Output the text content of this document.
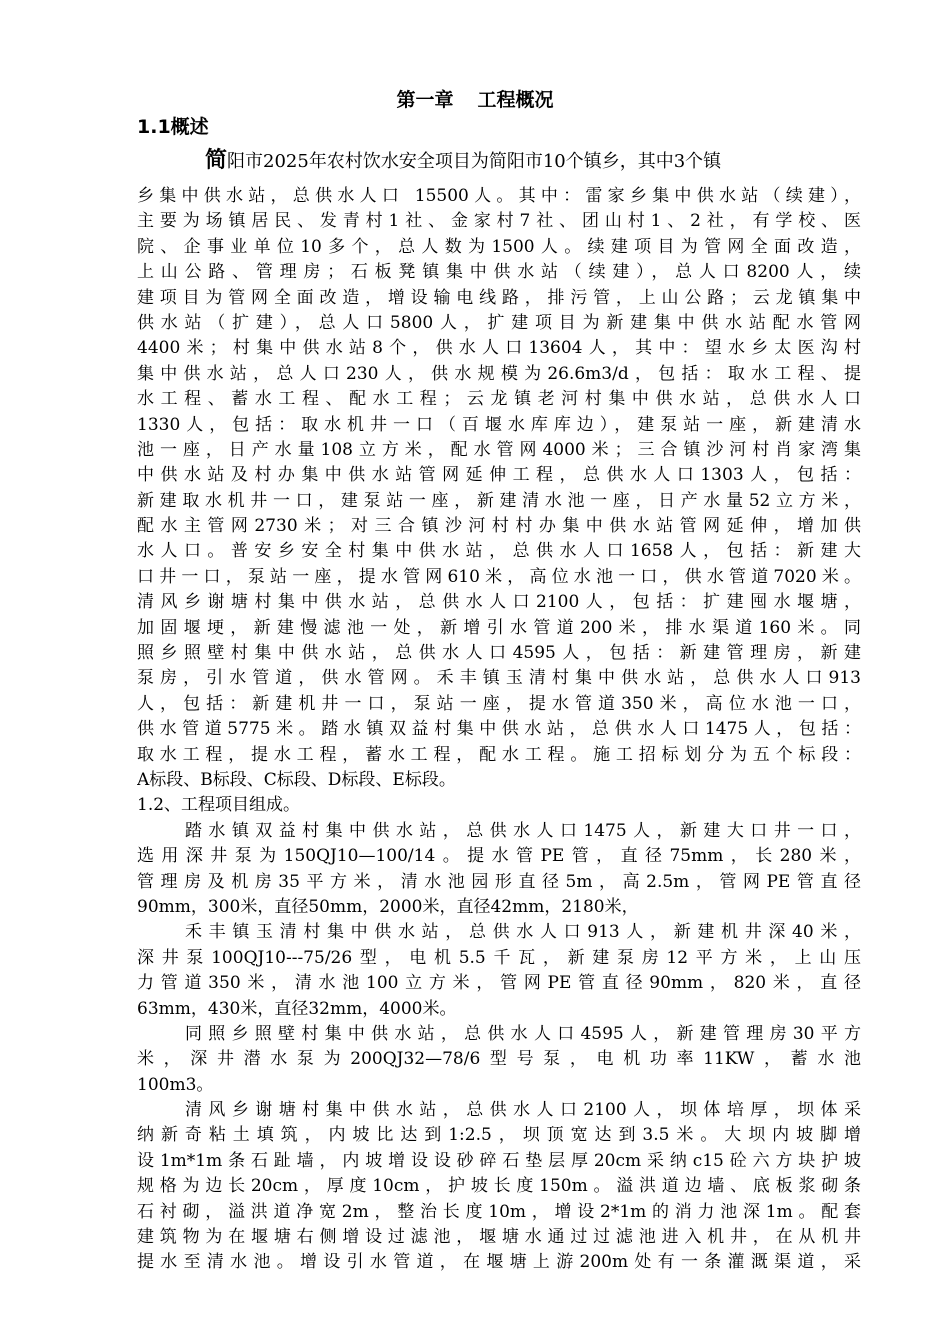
第一章 工程概况
1.1概述
简阳市2025年农村饮水安全项目为简阳市10个镇乡，其中3个镇
乡集中供水站，总供水人口 15500人。其中：雷家乡集中供水站（续建），
主要为场镇居民、发青村1社、金家村7社、团山村1、2社，有学校、医
院、企事业单位10多个，总人数为1500人。续建项目为管网全面改造，
上山公路、管理房；石板凳镇集中供水站（续建），总人口8200人，续
建项目为管网全面改造，增设输电线路，排污管，上山公路；云龙镇集中
供水站（扩建），总人口5800人，扩建项目为新建集中供水站配水管网
4400米；村集中供水站8个，供水人口13604人，其中：望水乡太医沟村
集中供水站，总人口230人，供水规模为26.6m3/d，包括：取水工程、提
水工程、蓄水工程、配水工程；云龙镇老河村集中供水站，总供水人口
1330人，包括：取水机井一口（百堰水库库边），建泵站一座，新建清水
池一座，日产水量108立方米，配水管网4000米；三合镇沙河村肖家湾集
中供水站及村办集中供水站管网延伸工程，总供水人口1303人，包括：
新建取水机井一口，建泵站一座，新建清水池一座，日产水量52立方米，
配水主管网2730米；对三合镇沙河村村办集中供水站管网延伸，增加供
水人口。普安乡安全村集中供水站，总供水人口1658人，包括：新建大
口井一口，泵站一座，提水管网610米，高位水池一口，供水管道7020米。
清风乡谢塘村集中供水站，总供水人口2100人，包括：扩建囤水堰塘，
加固堰埂，新建慢滤池一处，新增引水管道200米，排水渠道160米。同
照乡照壁村集中供水站，总供水人口4595人，包括：新建管理房，新建
泵房，引水管道，供水管网。禾丰镇玉清村集中供水站，总供水人口913
人，包括：新建机井一口，泵站一座，提水管道350米，高位水池一口，
供水管道5775米。踏水镇双益村集中供水站，总供水人口1475人，包括：
取水工程，提水工程，蓄水工程，配水工程。施工招标划分为五个标段：
A标段、B标段、C标段、D标段、E标段。
1.2、工程项目组成。
踏水镇双益村集中供水站，总供水人口1475人，新建大口井一口，
选用深井泵为150QJ10—100/14。提水管PE管，直径75mm，长280米，
管理房及机房35平方米，清水池园形直径5m，高2.5m，管网PE管直径
90mm，300米，直径50mm，2000米，直径42mm，2180米，
禾丰镇玉清村集中供水站，总供水人口913人，新建机井深40米，
深井泵100QJ10---75/26型，电机5.5千瓦，新建泵房12平方米，上山压
力管道350米，清水池100立方米，管网PE管直径90mm，820米，直径
63mm，430米，直径32mm，4000米。
同照乡照壁村集中供水站，总供水人口4595人，新建管理房30平方
米，深井潜水泵为200QJ32—78/6型号泵，电机功率11KW，蓄水池
100m3。
清风乡谢塘村集中供水站，总供水人口2100人，坝体培厚，坝体采
纳新奇粘土填筑，内坡比达到1:2.5，坝顶宽达到3.5米。大坝内坡脚增
设1m*1m条石趾墙，内坡增设设砂碎石垫层厚20cm采纳c15砼六方块护坡
规格为边长20cm，厚度10cm，护坡长度150m。溢洪道边墙、底板浆砌条
石衬砌，溢洪道净宽2m，整治长度10m，增设2*1m的消力池深1m。配套
建筑物为在堰塘右侧增设过滤池，堰塘水通过过滤池进入机井，在从机井
提水至清水池。增设引水管道，在堰塘上游200m处有一条灌溉渠道，采
